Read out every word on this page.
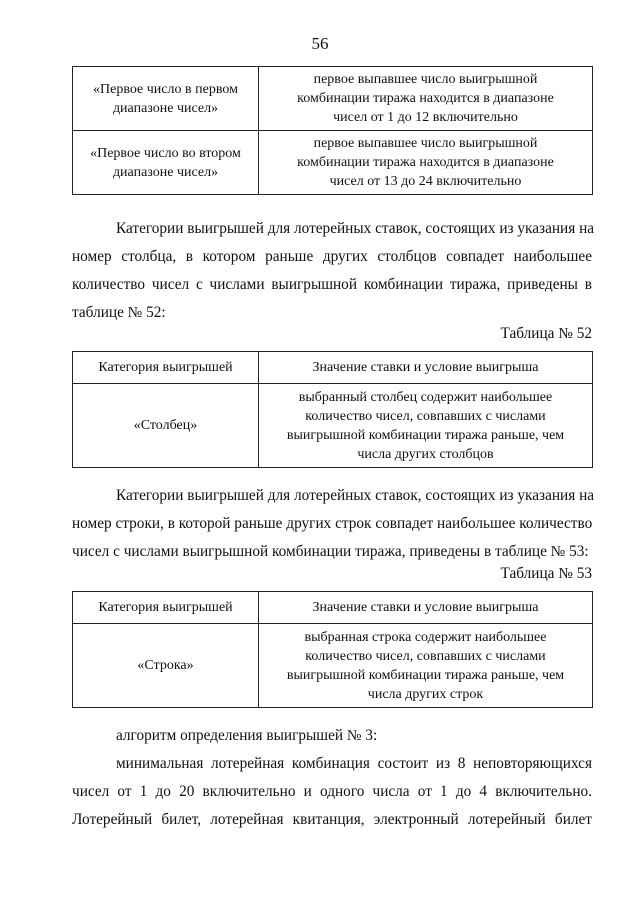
56
«Первое число в первом
диапазоне чисел»	первое выпавшее число выигрышной
комбинации тиража находится в диапазоне
чисел от 1 до 12 включительно

«Первое число во втором
диапазоне чисел»	первое выпавшее число выигрышной
комбинации тиража находится в диапазоне
чисел от 13 до 24 включительно
Категории выигрышей для лотерейных ставок, состоящих из указания на
номер столбца, в котором раньше других столбцов совпадет наибольшее
количество чисел с числами выигрышной комбинации тиража, приведены в
таблице № 52:
Таблица № 52
Категория выигрышей	Значение ставки и условие выигрыша
«Столбец»	выбранный столбец содержит наибольшее
количество чисел, совпавших с числами
выигрышной комбинации тиража раньше, чем
числа других столбцов
Категории выигрышей для лотерейных ставок, состоящих из указания на
номер строки, в которой раньше других строк совпадет наибольшее количество
чисел с числами выигрышной комбинации тиража, приведены в таблице № 53:
Таблица № 53
Категория выигрышей	Значение ставки и условие выигрыша
«Строка»	выбранная строка содержит наибольшее
количество чисел, совпавших с числами
выигрышной комбинации тиража раньше, чем
числа других строк
алгоритм определения выигрышей № 3:
минимальная лотерейная комбинация состоит из 8 неповторяющихся
чисел от 1 до 20 включительно и одного числа от 1 до 4 включительно.
Лотерейный билет, лотерейная квитанция, электронный лотерейный билет
